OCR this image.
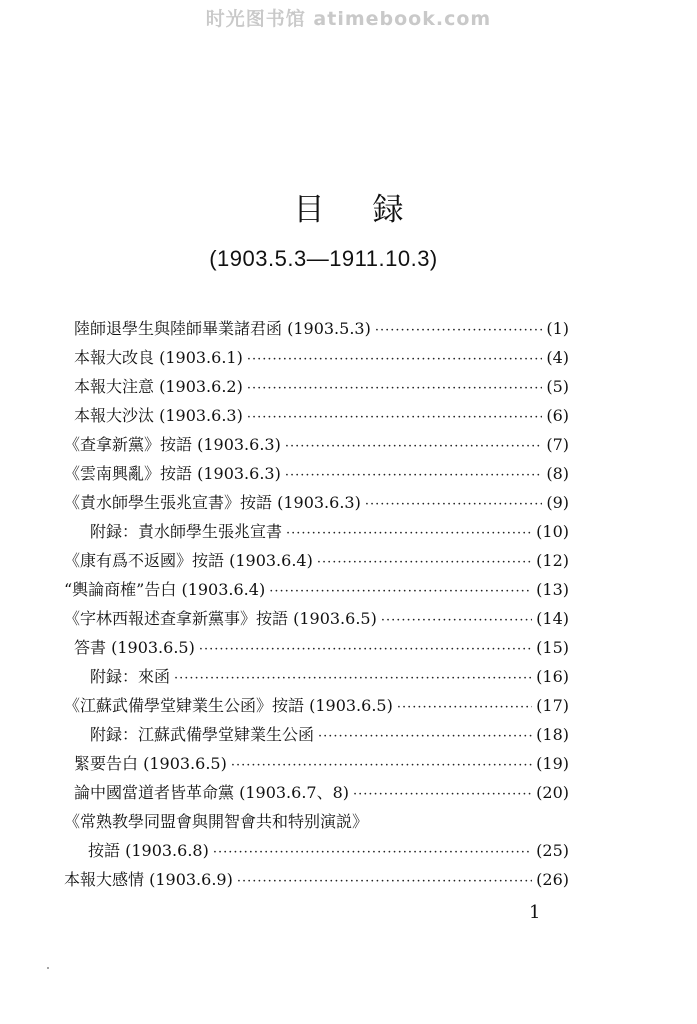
时光图书馆 atimebook.com
目 録
(1903.5.3—1911.10.3)
陸師退學生與陸師畢業諸君函 (1903.5.3) ·····	(1)
本報大改良 (1903.6.1) ·····	(4)
本報大注意 (1903.6.2) ·····	(5)
本報大沙汰 (1903.6.3) ·····	(6)
《查拿新黨》按語 (1903.6.3) ·····	(7)
《雲南興亂》按語 (1903.6.3) ·····	(8)
《責水師學生張兆宣書》按語 (1903.6.3) ·····	(9)
附録：責水師學生張兆宣書 ·····	(10)
《康有爲不返國》按語 (1903.6.4) ·····	(12)
“輿論商榷”告白 (1903.6.4) ·····	(13)
《字林西報述查拿新黨事》按語 (1903.6.5) ·····	(14)
答書 (1903.6.5) ·····	(15)
附録：來函 ·····	(16)
《江蘇武備學堂肄業生公函》按語 (1903.6.5) ·····	(17)
附録：江蘇武備學堂肄業生公函 ·····	(18)
緊要告白 (1903.6.5) ·····	(19)
論中國當道者皆革命黨 (1903.6.7、8) ·····	(20)
《常熟教學同盟會與開智會共和特别演説》
按語 (1903.6.8) ·····	(25)
本報大感情 (1903.6.9) ·····	(26)
1
